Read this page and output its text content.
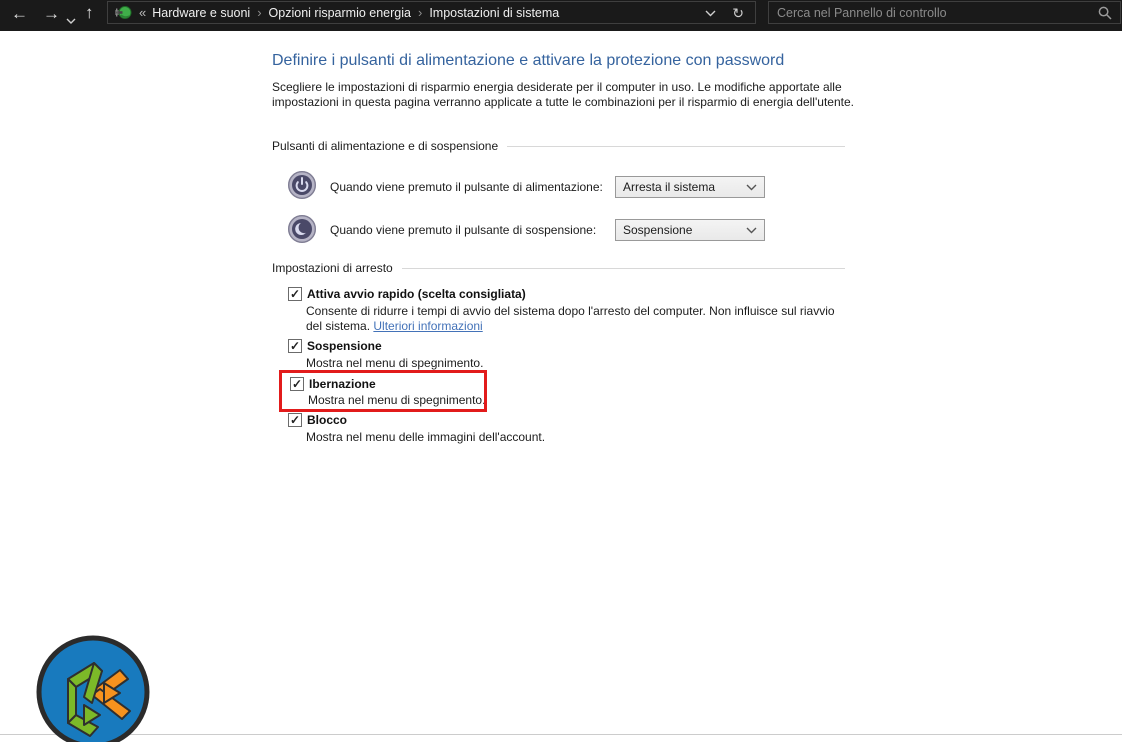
← → ↑	« Hardware e suoni › Opzioni risparmio energia › Impostazioni di sistema	↻
Cerca nel Pannello di controllo
Definire i pulsanti di alimentazione e attivare la protezione con password

Scegliere le impostazioni di risparmio energia desiderate per il computer in uso. Le modifiche apportate alle impostazioni in questa pagina verranno applicate a tutte le combinazioni per il risparmio di energia dell'utente.

Pulsanti di alimentazione e di sospensione
Quando viene premuto il pulsante di alimentazione: Arresta il sistema
Quando viene premuto il pulsante di sospensione: Sospensione
Impostazioni di arresto
✓ Attiva avvio rapido (scelta consigliata)

Consente di ridurre i tempi di avvio del sistema dopo l'arresto del computer. Non influisce sul riavvio del sistema. Ulteriori informazioni

✓ Sospensione

Mostra nel menu di spegnimento.

✓ Ibernazione

Mostra nel menu di spegnimento.

✓ Blocco

Mostra nel menu delle immagini dell'account.
